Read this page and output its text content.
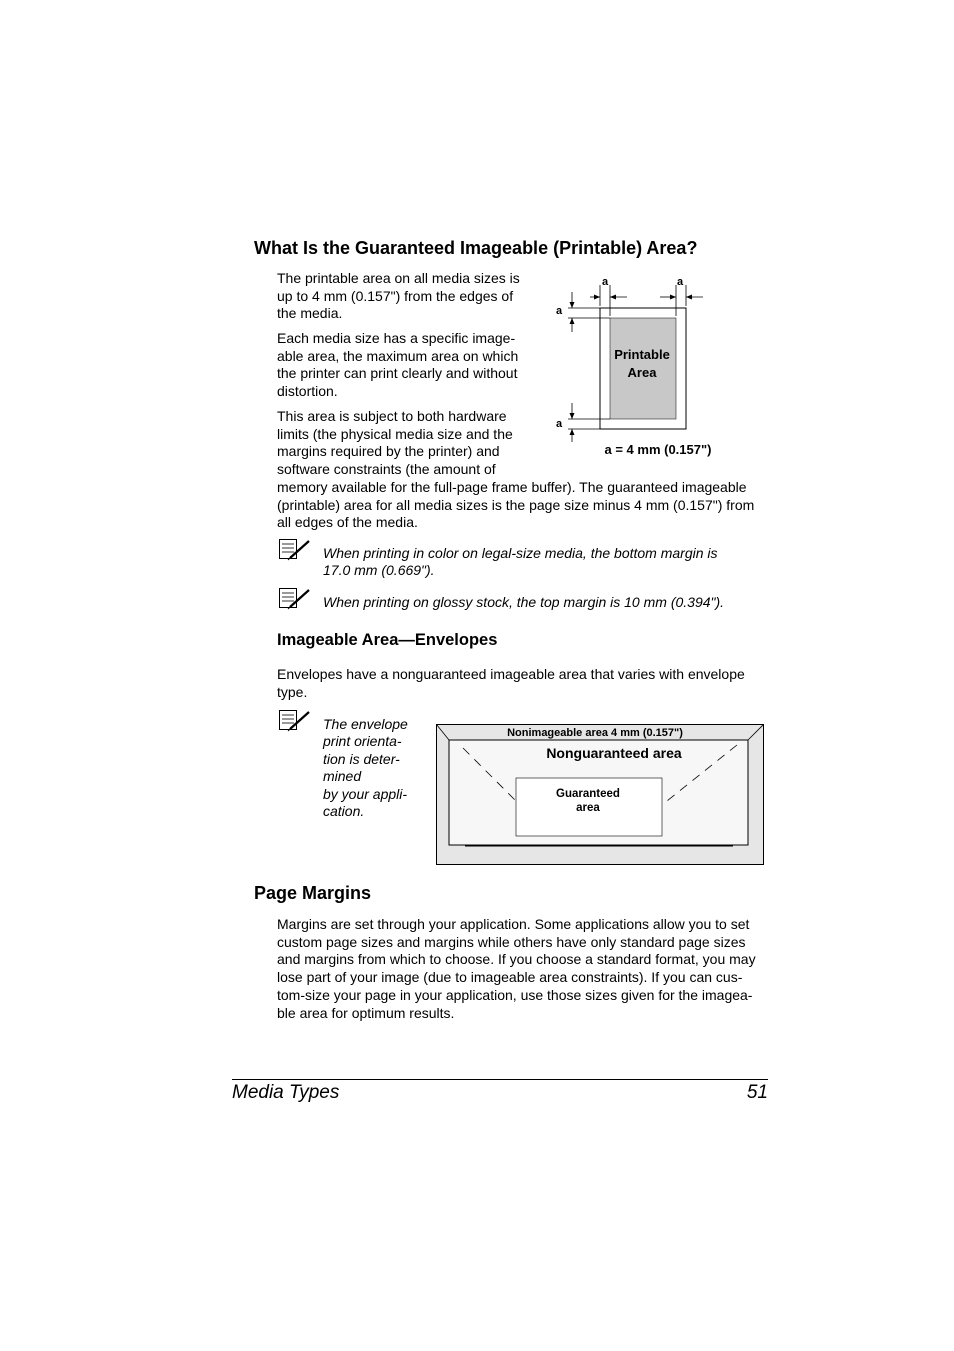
What Is the Guaranteed Imageable (Printable) Area?
The printable area on all media sizes is
up to 4 mm (0.157") from the edges of
the media.
Each media size has a specific image-
able area, the maximum area on which
the printer can print clearly and without
distortion.
This area is subject to both hardware
limits (the physical media size and the
margins required by the printer) and
software constraints (the amount of
memory available for the full-page frame buffer). The guaranteed imageable
(printable) area for all media sizes is the page size minus 4 mm (0.157") from
all edges of the media.
Printable
Area
a	a
a
a
a = 4 mm (0.157")
When printing in color on legal-size media, the bottom margin is
17.0 mm (0.669").
When printing on glossy stock, the top margin is 10 mm (0.394").
Imageable Area—Envelopes
Envelopes have a nonguaranteed imageable area that varies with envelope
type.
The envelope
print orienta-
tion is deter-
mined
by your appli-
cation.
Nonimageable area 4 mm (0.157")
Nonguaranteed area
Guaranteed
area
Page Margins
Margins are set through your application. Some applications allow you to set
custom page sizes and margins while others have only standard page sizes
and margins from which to choose. If you choose a standard format, you may
lose part of your image (due to imageable area constraints). If you can cus-
tom-size your page in your application, use those sizes given for the imagea-
ble area for optimum results.
Media Types	51
